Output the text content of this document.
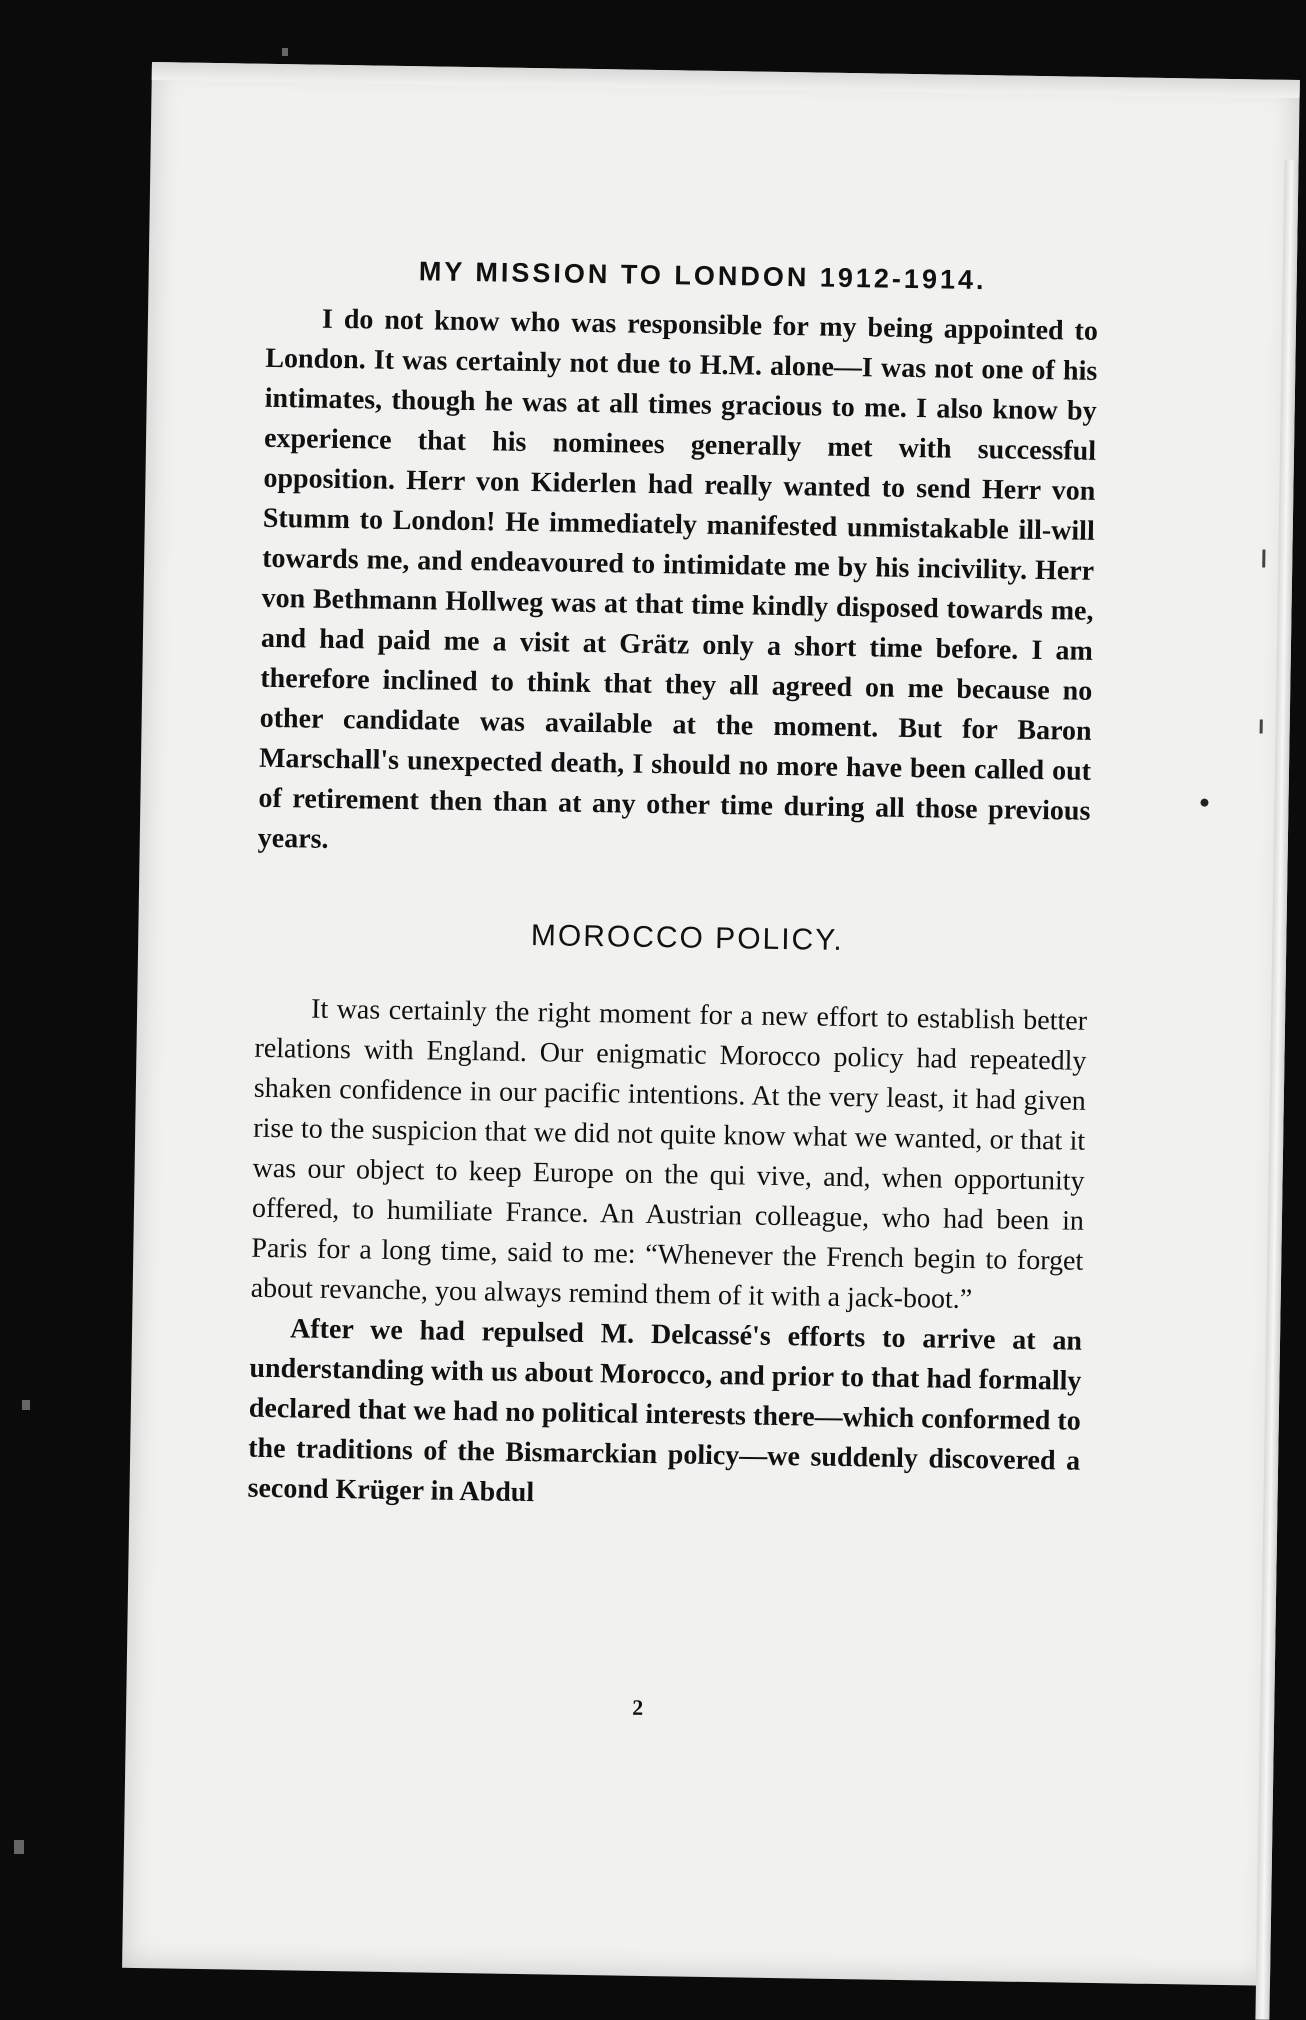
MY MISSION TO LONDON 1912-1914.

I do not know who was responsible for my being appointed to London. It was certainly not due to H.M. alone—I was not one of his intimates, though he was at all times gracious to me. I also know by experience that his nominees generally met with successful opposition. Herr von Kiderlen had really wanted to send Herr von Stumm to London! He immediately manifested unmistakable ill-will towards me, and endeavoured to intimidate me by his incivility. Herr von Bethmann Hollweg was at that time kindly disposed towards me, and had paid me a visit at Grätz only a short time before. I am therefore inclined to think that they all agreed on me because no other candidate was available at the moment. But for Baron Marschall's unexpected death, I should no more have been called out of retirement then than at any other time during all those previous years.

MOROCCO POLICY.

It was certainly the right moment for a new effort to establish better relations with England. Our enigmatic Morocco policy had repeatedly shaken confidence in our pacific intentions. At the very least, it had given rise to the suspicion that we did not quite know what we wanted, or that it was our object to keep Europe on the qui vive, and, when opportunity offered, to humiliate France. An Austrian colleague, who had been in Paris for a long time, said to me: “Whenever the French begin to forget about revanche, you always remind them of it with a jack-boot.”

After we had repulsed M. Delcassé's efforts to arrive at an understanding with us about Morocco, and prior to that had formally declared that we had no political interests there—which conformed to the traditions of the Bismarckian policy—we suddenly discovered a second Krüger in Abdul

2
